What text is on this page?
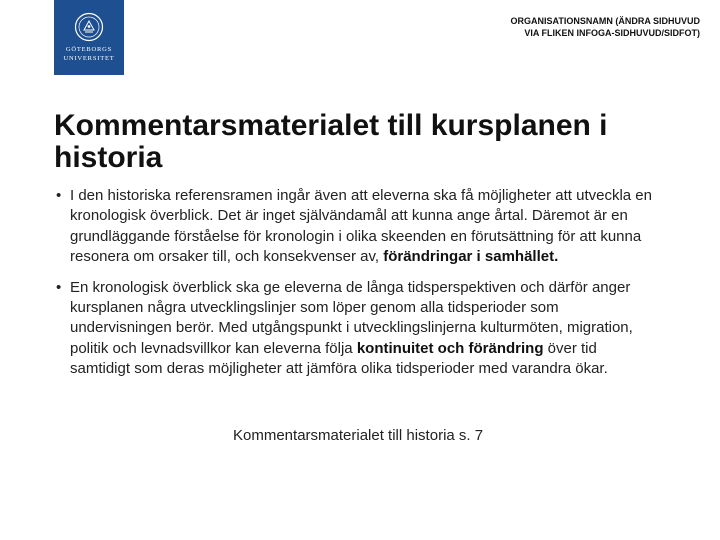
GÖTEBORGS
UNIVERSITET
ORGANISATIONSNAMN (ÄNDRA SIDHUVUD VIA FLIKEN INFOGA-SIDHUVUD/SIDFOT)
Kommentarsmaterialet till kursplanen i historia
• I den historiska referensramen ingår även att eleverna ska få möjligheter att utveckla en kronologisk överblick. Det är inget självändamål att kunna ange årtal. Däremot är en grundläggande förståelse för kronologin i olika skeenden en förutsättning för att kunna resonera om orsaker till, och konsekvenser av, förändringar i samhället.
• En kronologisk överblick ska ge eleverna de långa tidsperspektiven och därför anger kursplanen några utvecklingslinjer som löper genom alla tidsperioder som undervisningen berör. Med utgångspunkt i utvecklingslinjerna kulturmöten, migration, politik och levnadsvillkor kan eleverna följa kontinuitet och förändring över tid samtidigt som deras möjligheter att jämföra olika tidsperioder med varandra ökar.
Kommentarsmaterialet till historia s. 7
